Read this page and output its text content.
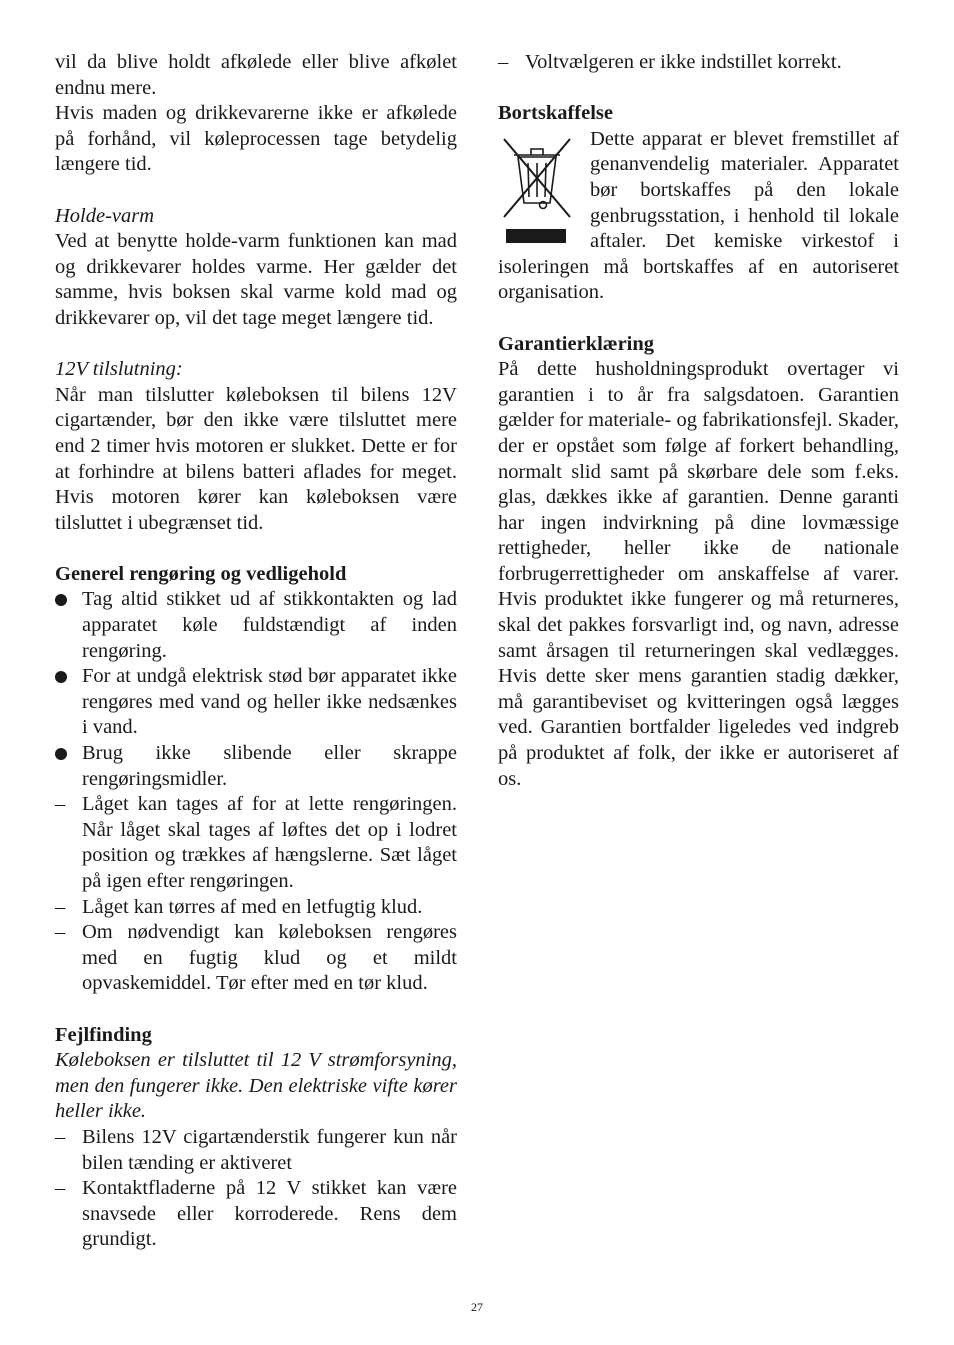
vil da blive holdt afkølede eller blive afkølet endnu mere.

Hvis maden og drikkevarerne ikke er afkølede på forhånd, vil køleprocessen tage betydelig længere tid.

Holde-varm

Ved at benytte holde-varm funktionen kan mad og drikkevarer holdes varme. Her gælder det samme, hvis boksen skal varme kold mad og drikkevarer op, vil det tage meget længere tid.

12V tilslutning:

Når man tilslutter køleboksen til bilens 12V cigartænder, bør den ikke være tilsluttet mere end 2 timer hvis motoren er slukket. Dette er for at forhindre at bilens batteri aflades for meget. Hvis motoren kører kan køleboksen være tilsluttet i ubegrænset tid.

Generel rengøring og vedligehold

Tag altid stikket ud af stikkontakten og lad apparatet køle fuldstændigt af inden rengøring.
For at undgå elektrisk stød bør apparatet ikke rengøres med vand og heller ikke nedsænkes i vand.
Brug ikke slibende eller skrappe rengøringsmidler.
– Låget kan tages af for at lette rengøringen. Når låget skal tages af løftes det op i lodret position og trækkes af hængslerne. Sæt låget på igen efter rengøringen.
– Låget kan tørres af med en letfugtig klud.
– Om nødvendigt kan køleboksen rengøres med en fugtig klud og et mildt opvaskemiddel. Tør efter med en tør klud.

Fejlfinding

Køleboksen er tilsluttet til 12 V strømforsyning, men den fungerer ikke. Den elektriske vifte kører heller ikke.

– Bilens 12V cigartænderstik fungerer kun når bilen tænding er aktiveret
– Kontaktfladerne på 12 V stikket kan være snavsede eller korroderede. Rens dem grundigt.
– Voltvælgeren er ikke indstillet korrekt.

Bortskaffelse

Dette apparat er blevet fremstillet af genanvendelig materialer. Apparatet bør bortskaffes på den lokale genbrugsstation, i henhold til lokale aftaler. Det kemiske virkestof i isoleringen må bortskaffes af en autoriseret organisation.

Garantierklæring

På dette husholdningsprodukt overtager vi garantien i to år fra salgsdatoen. Garantien gælder for materiale- og fabrikationsfejl. Skader, der er opstået som følge af forkert behandling, normalt slid samt på skørbare dele som f.eks. glas, dækkes ikke af garantien. Denne garanti har ingen indvirkning på dine lovmæssige rettigheder, heller ikke de nationale forbrugerrettigheder om anskaffelse af varer. Hvis produktet ikke fungerer og må returneres, skal det pakkes forsvarligt ind, og navn, adresse samt årsagen til returneringen skal vedlægges. Hvis dette sker mens garantien stadig dækker, må garantibeviset og kvitteringen også lægges ved. Garantien bortfalder ligeledes ved indgreb på produktet af folk, der ikke er autoriseret af os.

27
